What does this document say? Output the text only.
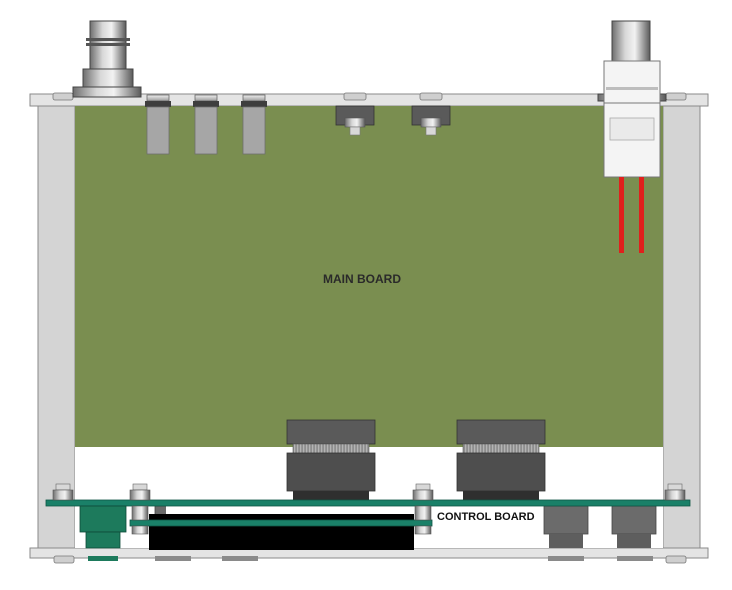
MAIN BOARD
CONTROL BOARD
